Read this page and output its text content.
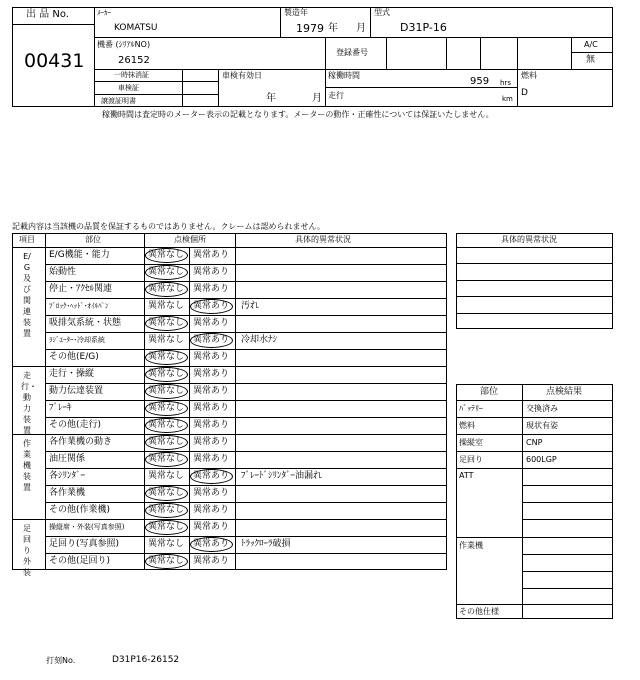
出 品 No.
00431
ﾒｰｶｰ
KOMATSU
製造年
1979 年 月
型式
D31P-16
機番 (ｼﾘｱﾙNO)
26152
登録番号
A/C
無
一時抹消証
車検証
譲渡証明書
車検有効日
年	月
稼働時間
959 hrs
走行	km
燃料
D
稼働時間は査定時のメーター表示の記載となります。メーターの動作・正確性については保証いたしません。
記載内容は当該機の品質を保証するものではありません。クレームは認められません。
項目	部位	点検個所	具体的異常状況
E/G及び関連装置
E/G機能・能力	異常なし 異常あり
始動性	異常なし 異常あり
停止・ｱｸｾﾙ関連	異常なし 異常あり
ﾌﾞﾛｯｸ･ﾍｯﾄﾞ･ｵｲﾙﾊﾟﾝ	異常なし 異常あり 汚れ
吸排気系統・状態	異常なし 異常あり
ﾗｼﾞｴｰﾀｰ･冷却系統	異常なし 異常あり 冷却水ﾅｼ
その他(E/G)	異常なし 異常あり
走行・動力装置
走行・操縦	異常なし 異常あり
動力伝達装置	異常なし 異常あり
ﾌﾞﾚｰｷ	異常なし 異常あり
その他(走行)	異常なし 異常あり
作業機装置
各作業機の動き	異常なし 異常あり
油圧関係	異常なし 異常あり
各ｼﾘﾝﾀﾞｰ	異常なし 異常あり ﾌﾞﾚｰﾄﾞｼﾘﾝﾀﾞｰ油漏れ
各作業機	異常なし 異常あり
その他(作業機)	異常なし 異常あり
足回り外装
操縦席・外装(写真参照)	異常なし 異常あり
足回り(写真参照)	異常なし 異常あり ﾄﾗｯｸﾛｰﾗ破損
その他(足回り)	異常なし 異常あり
具体的異常状況
部位	点検結果
ﾊﾞｯﾃﾘｰ	交換済み
燃料	現状有姿
操縦室	CNP
足回り	600LGP
ATT
作業機
その他仕様
打刻No.	D31P16-26152
